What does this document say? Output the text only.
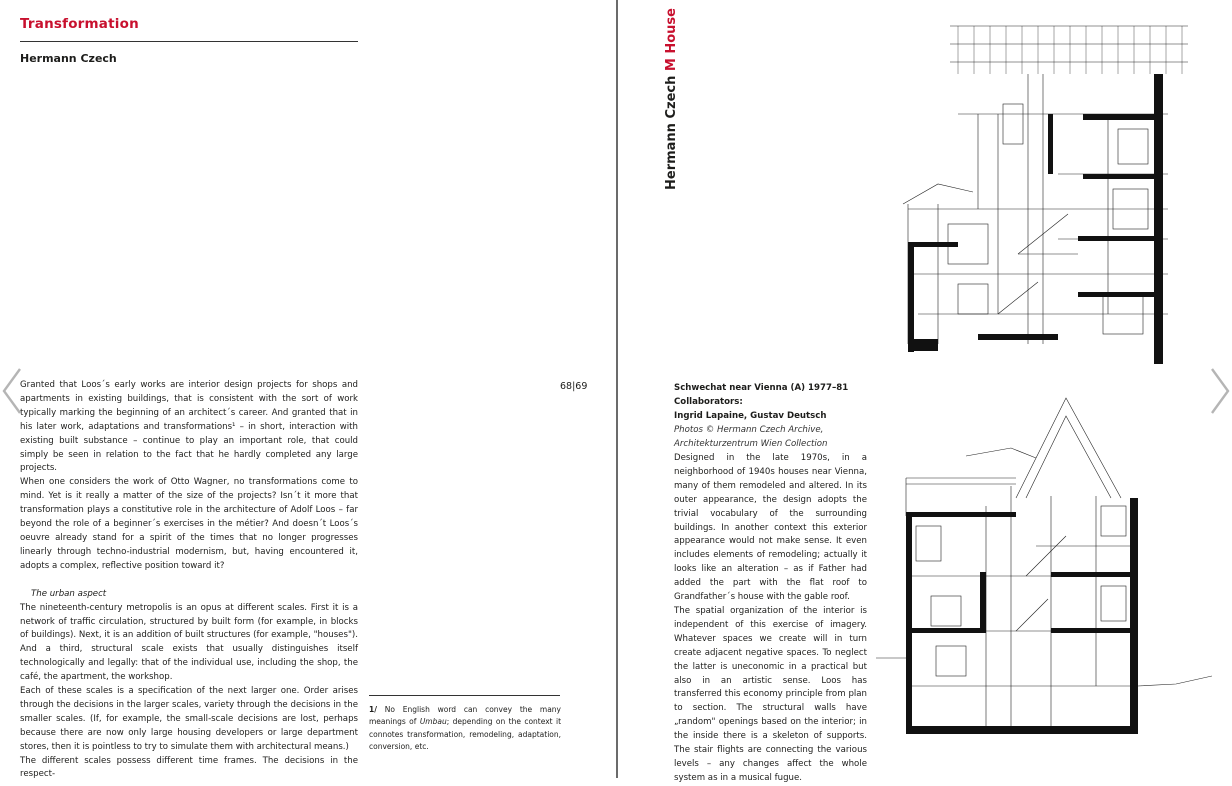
Transformation
Hermann Czech

Granted that Loos´s early works are interior design projects for shops and apartments in existing buildings, that is consistent with the sort of work typically marking the beginning of an architect´s career. And granted that in his later work, adaptations and transformations¹ – in short, interaction with existing built substance – continue to play an important role, that could simply be seen in relation to the fact that he hardly completed any large projects.

When one considers the work of Otto Wagner, no transformations come to mind. Yet is it really a matter of the size of the projects? Isn´t it more that transformation plays a constitutive role in the architecture of Adolf Loos – far beyond the role of a beginner´s exercises in the métier? And doesn´t Loos´s oeuvre already stand for a spirit of the times that no longer progresses linearly through techno-industrial modernism, but, having encountered it, adopts a complex, reflective position toward it?

The urban aspect

The nineteenth-century metropolis is an opus at different scales. First it is a network of traffic circulation, structured by built form (for example, in blocks of buildings). Next, it is an addition of built structures (for example, "houses"). And a third, structural scale exists that usually distinguishes itself technologically and legally: that of the individual use, including the shop, the café, the apartment, the workshop.

Each of these scales is a specification of the next larger one. Order arises through the decisions in the larger scales, variety through the decisions in the smaller scales. (If, for example, the small-scale decisions are lost, perhaps because there are now only large housing developers or large department stores, then it is pointless to try to simulate them with architectural means.)

The different scales possess different time frames. The decisions in the respect-

68|69
1/ No English word can convey the many meanings of Umbau; depending on the context it connotes transformation, remodeling, adaptation, conversion, etc.
Hermann Czech M House
Schwechat near Vienna (A) 1977–81
Collaborators:
Ingrid Lapaine, Gustav Deutsch
Photos © Hermann Czech Archive, Architekturzentrum Wien Collection

Designed in the late 1970s, in a neighborhood of 1940s houses near Vienna, many of them remodeled and altered. In its outer appearance, the design adopts the trivial vocabulary of the surrounding buildings. In another context this exterior appearance would not make sense. It even includes elements of remodeling; actually it looks like an alteration – as if Father had added the part with the flat roof to Grandfather´s house with the gable roof.

The spatial organization of the interior is independent of this exercise of imagery. Whatever spaces we create will in turn create adjacent negative spaces. To neglect the latter is uneconomic in a practical but also in an artistic sense. Loos has transferred this economy principle from plan to section. The structural walls have „random" openings based on the interior; in the inside there is a skeleton of supports. The stair flights are connecting the various levels – any changes affect the whole system as in a musical fugue.
